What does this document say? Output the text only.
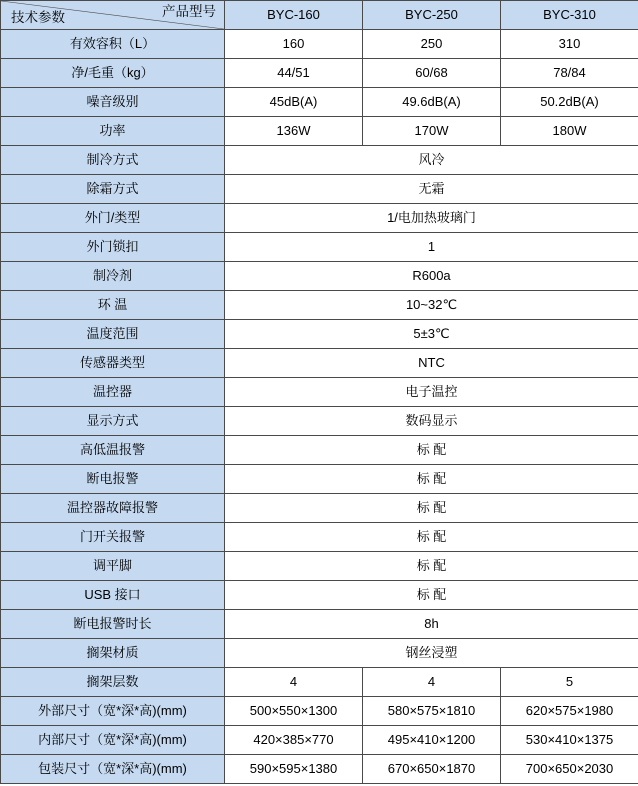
产品型号
技术参数	BYC-160	BYC-250	BYC-310
有效容积（L）	160	250	310
净/毛重（kg）	44/51	60/68	78/84
噪音级别	45dB(A)	49.6dB(A)	50.2dB(A)
功率	136W	170W	180W
制冷方式	风冷		
除霜方式	无霜		
外门/类型	1/电加热玻璃门		
外门锁扣	1		
制冷剂	R600a		
环 温	10~32℃		
温度范围	5±3℃		
传感器类型	NTC		
温控器	电子温控		
显示方式	数码显示		
高低温报警	标 配		
断电报警	标 配		
温控器故障报警	标 配		
门开关报警	标 配		
调平脚	标 配		
USB 接口	标 配		
断电报警时长	8h		
搁架材质	钢丝浸塑		
搁架层数	4	4	5
外部尺寸（宽*深*高)(mm)	500×550×1300	580×575×1810	620×575×1980
内部尺寸（宽*深*高)(mm)	420×385×770	495×410×1200	530×410×1375
包装尺寸（宽*深*高)(mm)	590×595×1380	670×650×1870	700×650×2030
